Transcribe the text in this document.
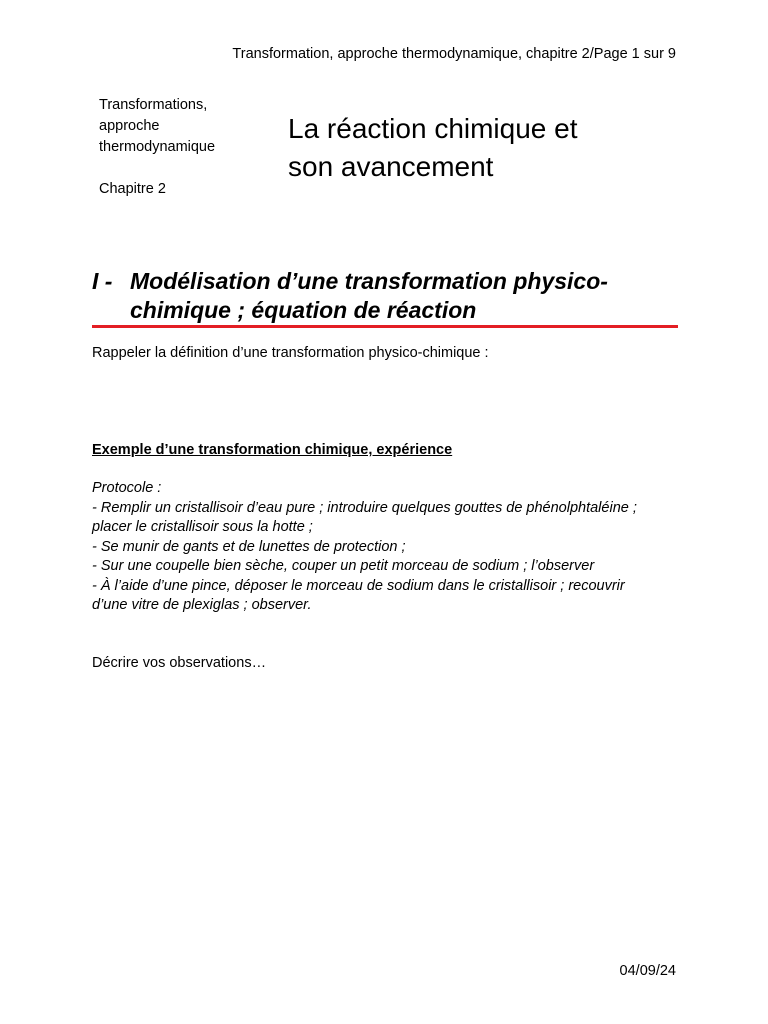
Transformation, approche thermodynamique, chapitre 2/Page 1 sur 9
Transformations,
approche
thermodynamique
Chapitre 2
La réaction chimique et
son avancement
I - Modélisation d’une transformation physico-
chimique ; équation de réaction
Rappeler la définition d’une transformation physico-chimique :
Exemple d’une transformation chimique, expérience
Protocole :
- Remplir un cristallisoir d’eau pure ; introduire quelques gouttes de phénolphtaléine ;
placer le cristallisoir sous la hotte ;
- Se munir de gants et de lunettes de protection ;
- Sur une coupelle bien sèche, couper un petit morceau de sodium ; l’observer
- À l’aide d’une pince, déposer le morceau de sodium dans le cristallisoir ; recouvrir
d’une vitre de plexiglas ; observer.
Décrire vos observations…
04/09/24
